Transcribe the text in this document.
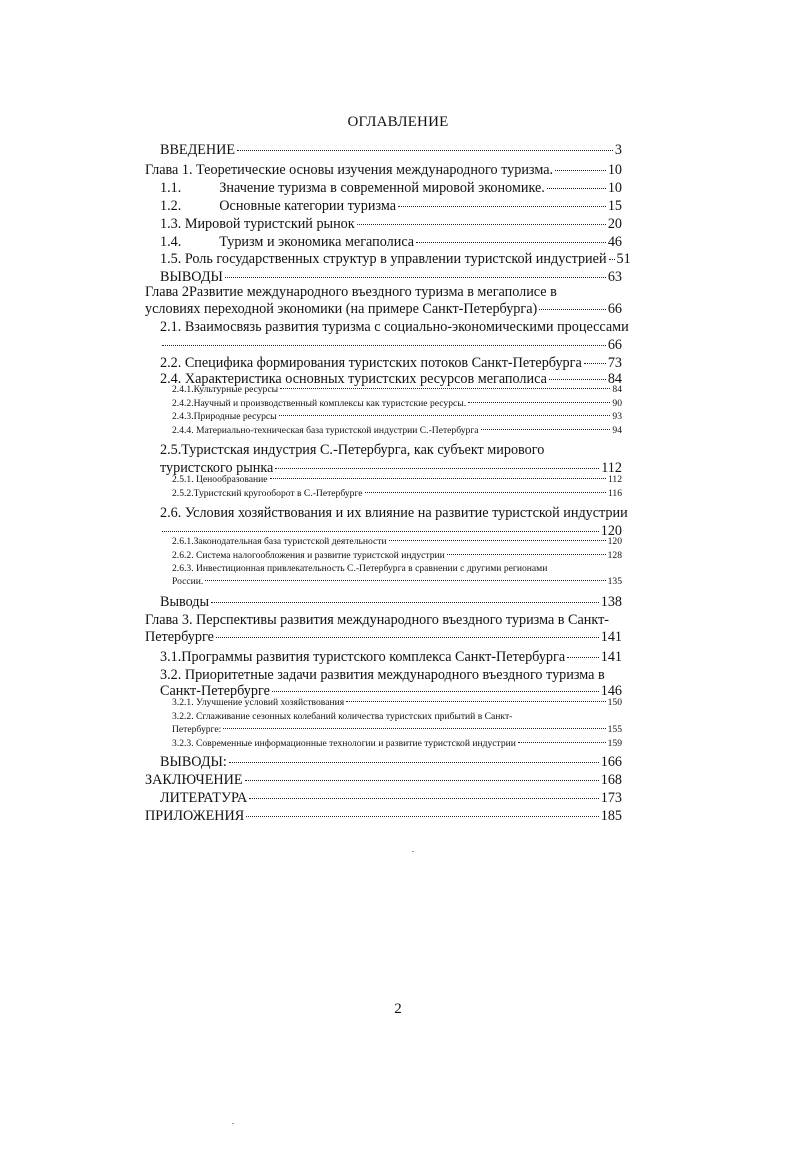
ОГЛАВЛЕНИЕ
ВВЕДЕНИЕ	3
Глава 1. Теоретические основы изучения международного туризма.	10
1.1.	Значение туризма в современной мировой экономике.	10
1.2.	Основные категории туризма	15
1.3. Мировой туристский рынок	20
1.4.	Туризм и экономика мегаполиса	46
1.5. Роль государственных структур в управлении туристской индустрией 51
ВЫВОДЫ	63
Глава 2Развитие международного въездного туризма в мегаполисе в
условиях переходной экономики (на примере Санкт-Петербурга)	66
2.1. Взаимосвязь развития туризма с социально-экономическими процессами
66
2.2. Специфика формирования туристских потоков Санкт-Петербурга 73
2.4. Характеристика основных туристских ресурсов мегаполиса	84
2.4.1.Культурные ресурсы	84
2.4.2.Научный и производственный комплексы как туристские ресурсы.	90
2.4.3.Природные ресурсы	93
2.4.4. Материально-техническая база туристской индустрии С.-Петербурга	94
2.5.Туристская индустрия С.-Петербурга, как субъект мирового
туристского рынка	112
2.5.1. Ценообразование	112
2.5.2.Туристский кругооборот в С.-Петербурге	116
2.6. Условия хозяйствования и их влияние на развитие туристской индустрии
120
2.6.1.Законодательная база туристской деятельности	120
2.6.2. Система налогообложения и развитие туристской индустрии	128
2.6.3. Инвестиционная привлекательность С.-Петербурга в сравнении с другими регионами
России.	135
Выводы	138
Глава 3. Перспективы развития международного въездного туризма в Санкт-
Петербурге	141
3.1.Программы развития туристского комплекса Санкт-Петербурга	141
3.2. Приоритетные задачи развития международного въездного туризма в
Санкт-Петербурге	146
3.2.1. Улучшение условий хозяйствования	150
3.2.2. Сглаживание сезонных колебаний количества туристских прибытий в Санкт-
Петербурге:	155
3.2.3. Современные информационные технологии и развитие туристской индустрии	159
ВЫВОДЫ:	166
ЗАКЛЮЧЕНИЕ	168
ЛИТЕРАТУРА	173
ПРИЛОЖЕНИЯ	185
2
